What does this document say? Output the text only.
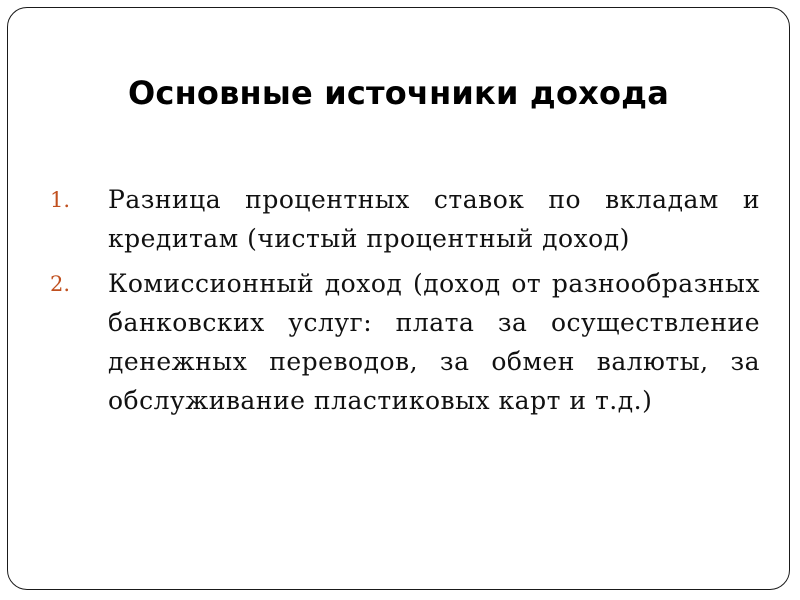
Основные источники дохода
1. Разница процентных ставок по вкладам и кредитам (чистый процентный доход)
2. Комиссионный доход (доход от разнообразных банковских услуг: плата за осуществление денежных переводов, за обмен валюты, за обслуживание пластиковых карт и т.д.)
